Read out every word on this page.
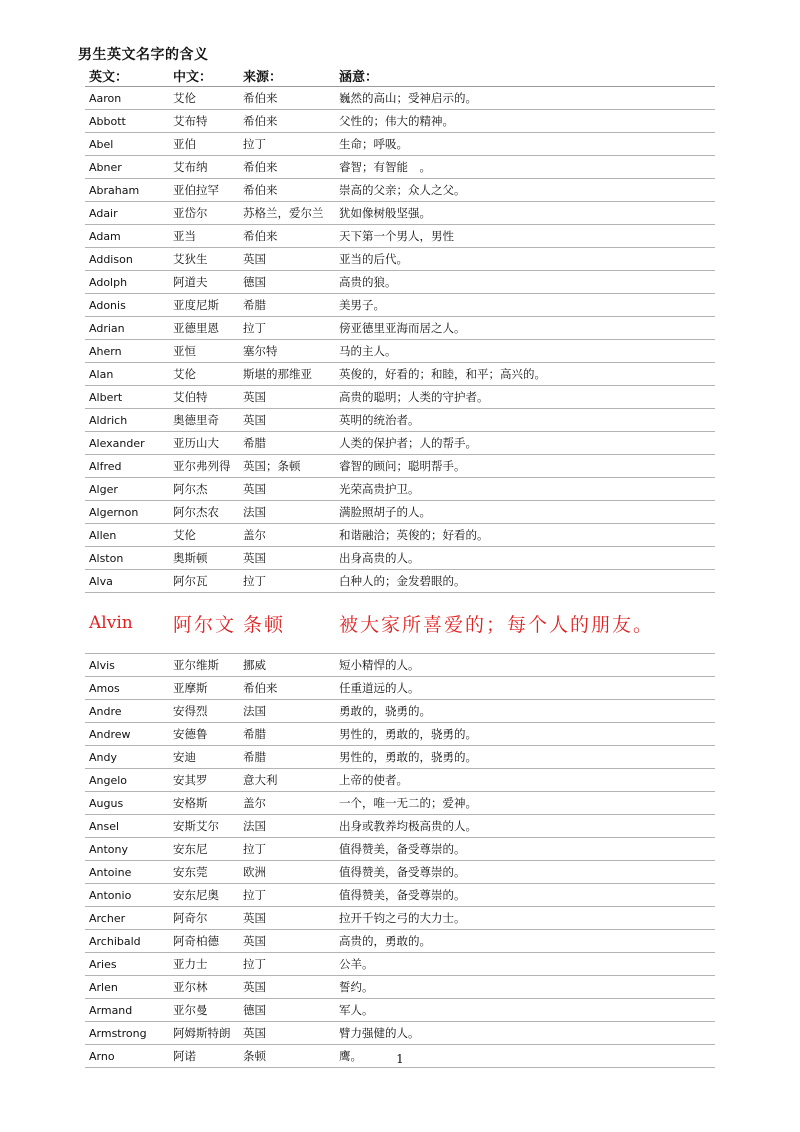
男生英文名字的含义
英文：	中文：	来源：	涵意：
Aaron	艾伦	希伯来	巍然的高山；受神启示的。
Abbott	艾布特	希伯来	父性的；伟大的精神。
Abel	亚伯	拉丁	生命；呼吸。
Abner	艾布纳	希伯来	睿智；有智能　。
Abraham	亚伯拉罕	希伯来	崇高的父亲；众人之父。
Adair	亚岱尔	苏格兰，爱尔兰	犹如像树般坚强。
Adam	亚当	希伯来	天下第一个男人，男性
Addison	艾狄生	英国	亚当的后代。
Adolph	阿道夫	德国	高贵的狼。
Adonis	亚度尼斯	希腊	美男子。
Adrian	亚德里恩	拉丁	傍亚德里亚海而居之人。
Ahern	亚恒	塞尔特	马的主人。
Alan	艾伦	斯堪的那维亚	英俊的，好看的；和睦，和平；高兴的。
Albert	艾伯特	英国	高贵的聪明；人类的守护者。
Aldrich	奥德里奇	英国	英明的统治者。
Alexander	亚历山大	希腊	人类的保护者；人的帮手。
Alfred	亚尔弗列得	英国；条顿	睿智的顾问；聪明帮手。
Alger	阿尔杰	英国	光荣高贵护卫。
Algernon	阿尔杰农	法国	满脸照胡子的人。
Allen	艾伦	盖尔	和谐融洽；英俊的；好看的。
Alston	奥斯顿	英国	出身高贵的人。
Alva	阿尔瓦	拉丁	白种人的；金发碧眼的。
Alvin	阿尔文	条顿	被大家所喜爱的；每个人的朋友。
Alvis	亚尔维斯	挪威	短小精悍的人。
Amos	亚摩斯	希伯来	任重道远的人。
Andre	安得烈	法国	勇敢的，骁勇的。
Andrew	安德鲁	希腊	男性的，勇敢的，骁勇的。
Andy	安迪	希腊	男性的，勇敢的，骁勇的。
Angelo	安其罗	意大利	上帝的使者。
Augus	安格斯	盖尔	一个，唯一无二的；爱神。
Ansel	安斯艾尔	法国	出身或教养均极高贵的人。
Antony	安东尼	拉丁	值得赞美，备受尊崇的。
Antoine	安东莞	欧洲	值得赞美，备受尊崇的。
Antonio	安东尼奥	拉丁	值得赞美，备受尊崇的。
Archer	阿奇尔	英国	拉开千钧之弓的大力士。
Archibald	阿奇柏德	英国	高贵的，勇敢的。
Aries	亚力士	拉丁	公羊。
Arlen	亚尔林	英国	誓约。
Armand	亚尔曼	德国	军人。
Armstrong	阿姆斯特朗	英国	臂力强健的人。
Arno	阿诺	条顿	鹰。	1
